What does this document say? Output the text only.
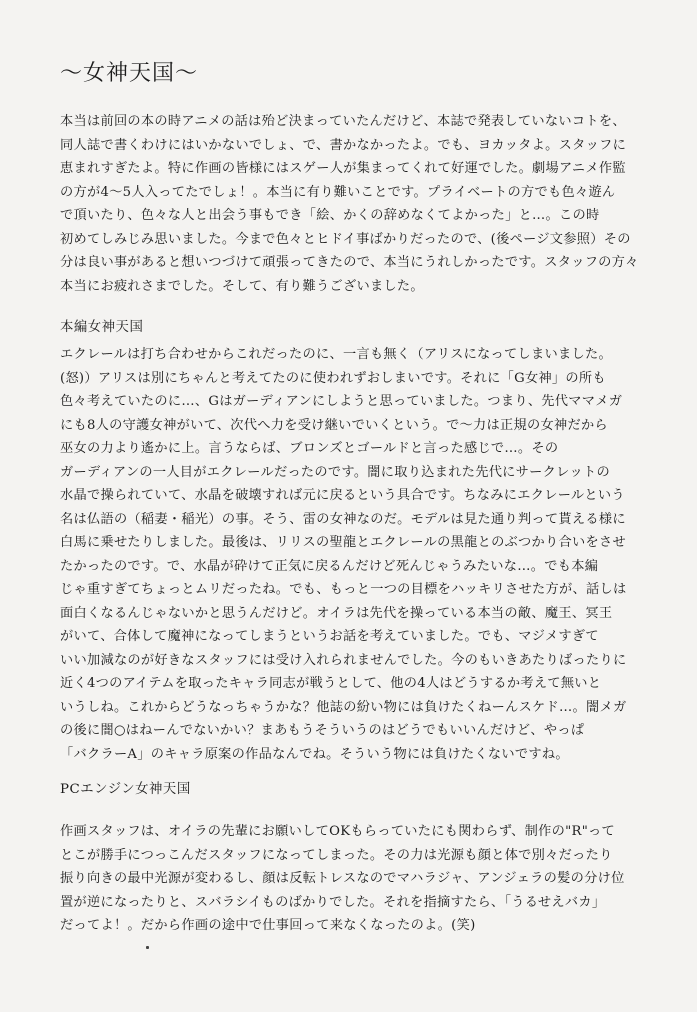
〜女神天国〜
本当は前回の本の時アニメの話は殆ど決まっていたんだけど、本誌で発表していないコトを、
同人誌で書くわけにはいかないでしょ、で、書かなかったよ。でも、ヨカッタよ。スタッフに
恵まれすぎたよ。特に作画の皆様にはスゲー人が集まってくれて好運でした。劇場アニメ作監
の方が4〜5人入ってたでしょ！。本当に有り難いことです。プライベートの方でも色々遊ん
で頂いたり、色々な人と出会う事もでき「絵、かくの辞めなくてよかった」と…。この時
初めてしみじみ思いました。今まで色々とヒドイ事ばかりだったので、(後ページ文参照）その
分は良い事があると想いつづけて頑張ってきたので、本当にうれしかったです。スタッフの方々
本当にお疲れさまでした。そして、有り難うございました。
本編女神天国
エクレールは打ち合わせからこれだったのに、一言も無く（アリスになってしまいました。
(怒)）アリスは別にちゃんと考えてたのに使われずおしまいです。それに「G女神」の所も
色々考えていたのに…、Gはガーディアンにしようと思っていました。つまり、先代ママメガ
にも8人の守護女神がいて、次代へ力を受け継いでいくという。で〜力は正規の女神だから
巫女の力より遙かに上。言うならば、ブロンズとゴールドと言った感じで…。その
ガーディアンの一人目がエクレールだったのです。闇に取り込まれた先代にサークレットの
水晶で操られていて、水晶を破壊すれば元に戻るという具合です。ちなみにエクレールという
名は仏語の（稲妻・稲光）の事。そう、雷の女神なのだ。モデルは見た通り判って貰える様に
白馬に乗せたりしました。最後は、リリスの聖龍とエクレールの黒龍とのぶつかり合いをさせ
たかったのです。で、水晶が砕けて正気に戻るんだけど死んじゃうみたいな…。でも本編
じゃ重すぎてちょっとムリだったね。でも、もっと一つの目標をハッキリさせた方が、話しは
面白くなるんじゃないかと思うんだけど。オイラは先代を操っている本当の敵、魔王、冥王
がいて、合体して魔神になってしまうというお話を考えていました。でも、マジメすぎて
いい加減なのが好きなスタッフには受け入れられませんでした。今のもいきあたりばったりに
近く4つのアイテムを取ったキャラ同志が戦うとして、他の4人はどうするか考えて無いと
いうしね。これからどうなっちゃうかな？他誌の紛い物には負けたくねーんスケド…。闇メガ
の後に闇○はねーんでないかい？まあもうそういうのはどうでもいいんだけど、やっぱ
「バクラーA」のキャラ原案の作品なんでね。そういう物には負けたくないですね。
PCエンジン女神天国
作画スタッフは、オイラの先輩にお願いしてOKもらっていたにも関わらず、制作の"R"って
とこが勝手につっこんだスタッフになってしまった。その力は光源も顔と体で別々だったり
振り向きの最中光源が変わるし、顔は反転トレスなのでマハラジャ、アンジェラの髪の分け位
置が逆になったりと、スバラシイものばかりでした。それを指摘すたら、「うるせえバカ」
だってよ！。だから作画の途中で仕事回って来なくなったのよ。(笑)
